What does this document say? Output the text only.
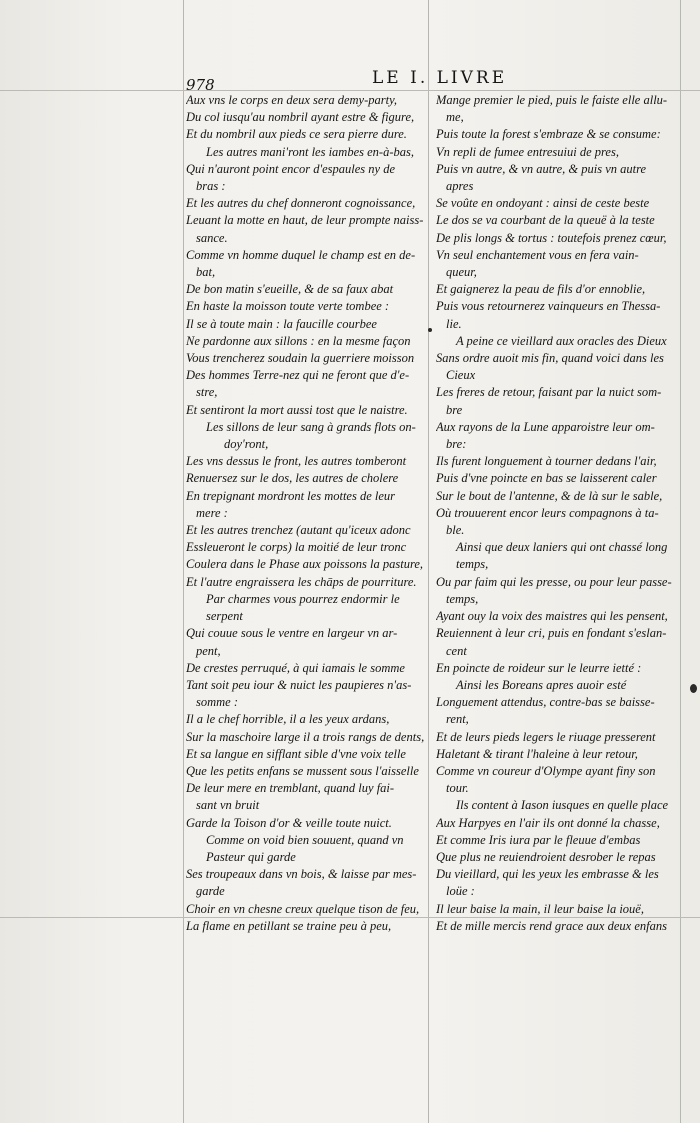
978	LE I. LIVRE
Aux vns le corps en deux sera demy-party,
Du col iusqu'au nombril ayant estre & figure,
Et du nombril aux pieds ce sera pierre dure.
Les autres mani'ront les iambes en-à-bas,
Qui n'auront point encor d'espaules ny de
bras :
Et les autres du chef donneront cognoissance,
Leuant la motte en haut, de leur prompte naiss-
sance.
Comme vn homme duquel le champ est en de-
bat,
De bon matin s'eueille, & de sa faux abat
En haste la moisson toute verte tombee :
Il se à toute main : la faucille courbee
Ne pardonne aux sillons : en la mesme façon
Vous trencherez soudain la guerriere moisson
Des hommes Terre-nez qui ne feront que d'e-
stre,
Et sentiront la mort aussi tost que le naistre.
Les sillons de leur sang à grands flots on-
doy'ront,
Les vns dessus le front, les autres tomberont
Renuersez sur le dos, les autres de cholere
En trepignant mordront les mottes de leur
mere :
Et les autres trenchez (autant qu'iceux adonc
Essleueront le corps) la moitié de leur tronc
Coulera dans le Phase aux poissons la pasture,
Et l'autre engraissera les chāps de pourriture.
Par charmes vous pourrez endormir le
serpent
Qui couue sous le ventre en largeur vn ar-
pent,
De crestes perruqué, à qui iamais le somme
Tant soit peu iour & nuict les paupieres n'as-
somme :
Il a le chef horrible, il a les yeux ardans,
Sur la maschoire large il a trois rangs de dents,
Et sa langue en sifflant sible d'vne voix telle
Que les petits enfans se mussent sous l'aisselle
De leur mere en tremblant, quand luy fai-
sant vn bruit
Garde la Toison d'or & veille toute nuict.
Comme on void bien souuent, quand vn
Pasteur qui garde
Ses troupeaux dans vn bois, & laisse par mes-
garde
Choir en vn chesne creux quelque tison de feu,
La flame en petillant se traine peu à peu,
Mange premier le pied, puis le faiste elle allu-
me,
Puis toute la forest s'embraze & se consume:
Vn repli de fumee entresuiui de pres,
Puis vn autre, & vn autre, & puis vn autre
apres
Se voûte en ondoyant : ainsi de ceste beste
Le dos se va courbant de la queuë à la teste
De plis longs & tortus : toutefois prenez cœur,
Vn seul enchantement vous en fera vain-
queur,
Et gaignerez la peau de fils d'or ennoblie,
Puis vous retournerez vainqueurs en Thessa-
lie.
A peine ce vieillard aux oracles des Dieux
Sans ordre auoit mis fin, quand voici dans les
Cieux
Les freres de retour, faisant par la nuict som-
bre
Aux rayons de la Lune apparoistre leur om-
bre:
Ils furent longuement à tourner dedans l'air,
Puis d'vne poincte en bas se laisserent caler
Sur le bout de l'antenne, & de là sur le sable,
Où trouuerent encor leurs compagnons à ta-
ble.
Ainsi que deux laniers qui ont chassé long
temps,
Ou par faim qui les presse, ou pour leur passe-
temps,
Ayant ouy la voix des maistres qui les pensent,
Reuiennent à leur cri, puis en fondant s'eslan-
cent
En poincte de roideur sur le leurre ietté :
Ainsi les Boreans apres auoir esté
Longuement attendus, contre-bas se baisse-
rent,
Et de leurs pieds legers le riuage presserent
Haletant & tirant l'haleine à leur retour,
Comme vn coureur d'Olympe ayant finy son
tour.
Ils content à Iason iusques en quelle place
Aux Harpyes en l'air ils ont donné la chasse,
Et comme Iris iura par le fleuue d'embas
Que plus ne reuiendroient desrober le repas
Du vieillard, qui les yeux les embrasse & les
loüe :
Il leur baise la main, il leur baise la iouë,
Et de mille mercis rend grace aux deux enfans
